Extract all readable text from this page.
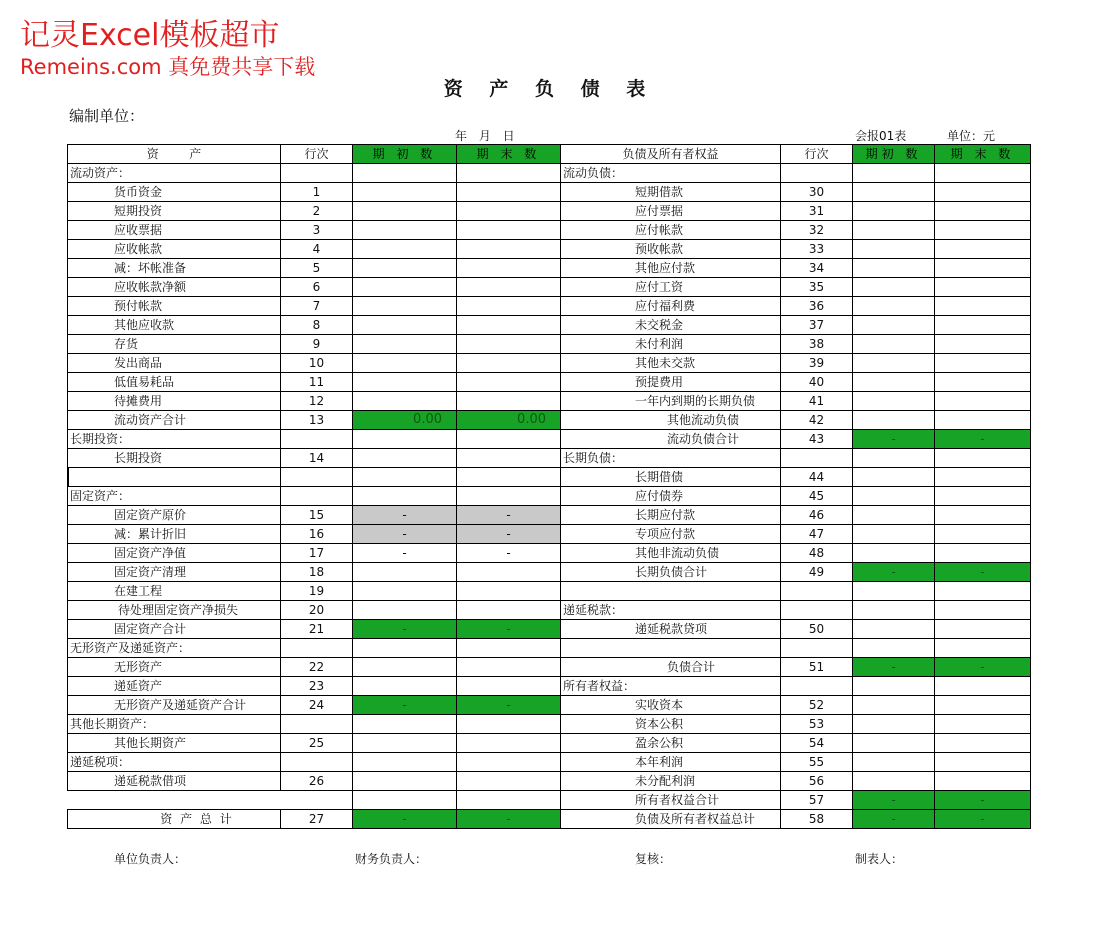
记灵Excel模板超市
Remeins.com 真免费共享下载
资 产 负 债 表
编制单位：
年 月 日	会报01表	单位：元
资        产	行次	期 初 数	期 末 数	负债及所有者权益	行次	期初 数	期 末 数
流动资产：				流动负债：			
货币资金	1			短期借款	30		
短期投资	2			应付票据	31		
应收票据	3			应付帐款	32		
应收帐款	4			预收帐款	33		
减：坏帐准备	5			其他应付款	34		
应收帐款净额	6			应付工资	35		
预付帐款	7			应付福利费	36		
其他应收款	8			未交税金	37		
存货	9			未付利润	38		
发出商品	10			其他未交款	39		
低值易耗品	11			预提费用	40		
待摊费用	12			一年内到期的长期负债	41		
流动资产合计	13	0.00	0.00	其他流动负债	42		
长期投资：				流动负债合计	43	-	-
长期投资	14			长期负债：			
				长期借债	44		
固定资产：				应付债券	45		
固定资产原价	15	-	-	长期应付款	46		
减：累计折旧	16	-	-	专项应付款	47		
固定资产净值	17	-	-	其他非流动负债	48		
固定资产清理	18			长期负债合计	49	-	-
在建工程	19						
待处理固定资产净损失	20			递延税款：			
固定资产合计	21	-	-	递延税款贷项	50		
无形资产及递延资产：							
无形资产	22			负债合计	51	-	-
递延资产	23			所有者权益：			
无形资产及递延资产合计	24	-	-	实收资本	52		
其他长期资产：				资本公积	53		
其他长期资产	25			盈余公积	54		
递延税项：				本年利润	55		
递延税款借项	26			未分配利润	56		
				所有者权益合计	57	-	-
资 产 总 计	27	-	-	负债及所有者权益总计	58	-	-
单位负责人：	财务负责人：	复核：	制表人：
